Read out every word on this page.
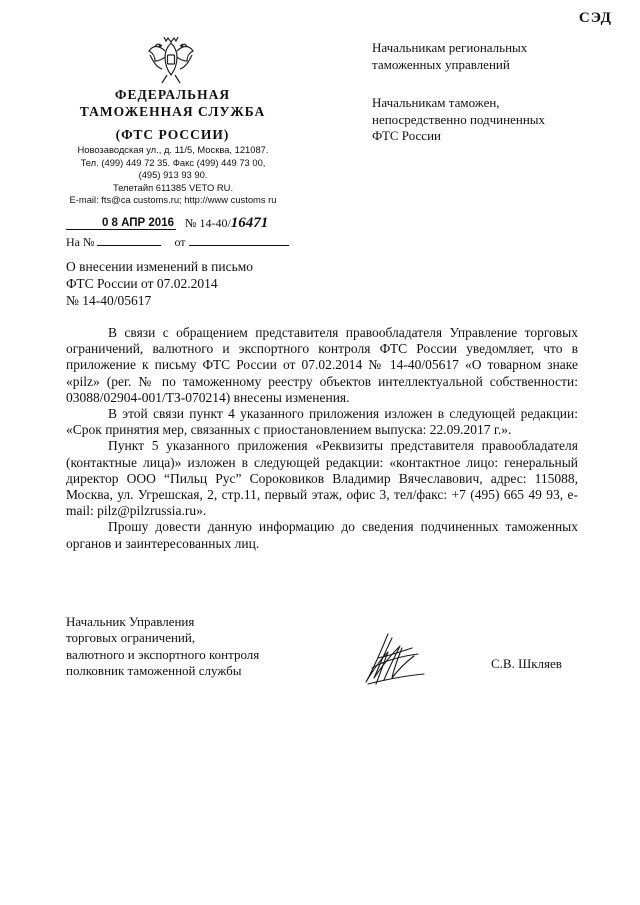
СЭД
ФЕДЕРАЛЬНАЯ
ТАМОЖЕННАЯ СЛУЖБА
(ФТС РОССИИ)
Новозаводская ул., д. 11/5, Москва, 121087.
Тел. (499) 449 72 35. Факс (499) 449 73 00,
(495) 913 93 90.
Телетайп 611385 VETO RU.
E-mail: fts@ca customs.ru; http://www customs ru
0 8 АПР 2016 № 14-40/16471
На №	от
Начальникам региональных
таможенных управлений
Начальникам таможен,
непосредственно подчиненных
ФТС России
О внесении изменений в письмо
ФТС России от 07.02.2014
№ 14-40/05617

В связи с обращением представителя правообладателя Управление торговых ограничений, валютного и экспортного контроля ФТС России уведомляет, что в приложение к письму ФТС России от 07.02.2014 № 14-40/05617 «О товарном знаке «pilz» (рег. № по таможенному реестру объектов интеллектуальной собственности: 03088/02904-001/ТЗ-070214) внесены изменения.

В этой связи пункт 4 указанного приложения изложен в следующей редакции: «Срок принятия мер, связанных с приостановлением выпуска: 22.09.2017 г.».

Пункт 5 указанного приложения «Реквизиты представителя правообладателя (контактные лица)» изложен в следующей редакции: «контактное лицо: генеральный директор ООО “Пильц Рус” Сороковиков Владимир Вячеславович, адрес: 115088, Москва, ул. Угрешская, 2, стр.11, первый этаж, офис 3, тел/факс: +7 (495) 665 49 93, e-mail: pilz@pilzrussia.ru».

Прошу довести данную информацию до сведения подчиненных таможенных органов и заинтересованных лиц.

Начальник Управления
торговых ограничений,
валютного и экспортного контроля
полковник таможенной службы	С.В. Шкляев
